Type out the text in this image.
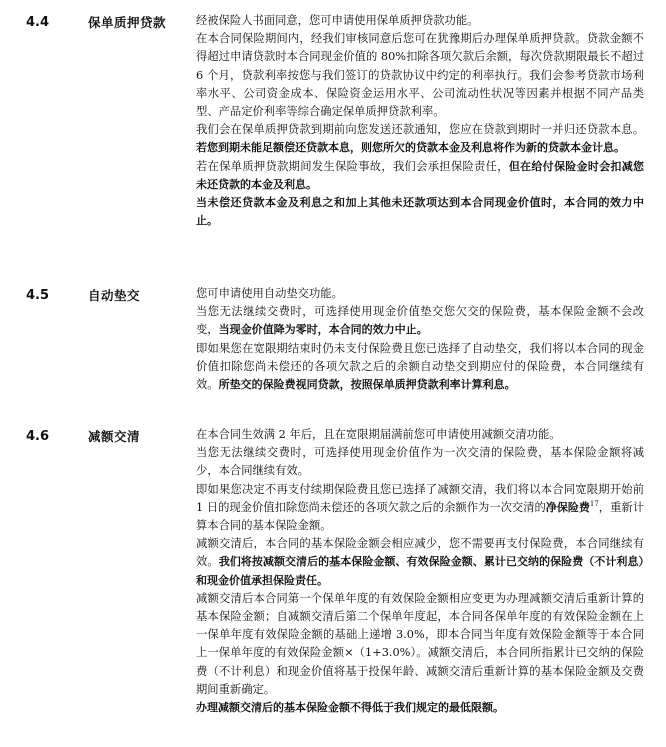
4.4	保单质押贷款	经被保险人书面同意，您可申请使用保单质押贷款功能。

在本合同保险期间内，经我们审核同意后您可在犹豫期后办理保单质押贷款。贷款金额不得超过申请贷款时本合同现金价值的 80%扣除各项欠款后余额，每次贷款期限最长不超过 6 个月，贷款利率按您与我们签订的贷款协议中约定的利率执行。我们会参考贷款市场利率水平、公司资金成本、保险资金运用水平、公司流动性状况等因素并根据不同产品类型、产品定价利率等综合确定保单质押贷款利率。

我们会在保单质押贷款到期前向您发送还款通知，您应在贷款到期时一并归还贷款本息。若您到期未能足额偿还贷款本息，则您所欠的贷款本金及利息将作为新的贷款本金计息。

若在保单质押贷款期间发生保险事故，我们会承担保险责任，但在给付保险金时会扣减您未还贷款的本金及利息。

当未偿还贷款本金及利息之和加上其他未还款项达到本合同现金价值时，本合同的效力中止。

4.5	自动垫交	您可申请使用自动垫交功能。

当您无法继续交费时，可选择使用现金价值垫交您欠交的保险费，基本保险金额不会改变，当现金价值降为零时，本合同的效力中止。

即如果您在宽限期结束时仍未支付保险费且您已选择了自动垫交，我们将以本合同的现金价值扣除您尚未偿还的各项欠款之后的余额自动垫交到期应付的保险费，本合同继续有效。所垫交的保险费视同贷款，按照保单质押贷款利率计算利息。

4.6	减额交清	在本合同生效满 2 年后，且在宽限期届满前您可申请使用减额交清功能。

当您无法继续交费时，可选择使用现金价值作为一次交清的保险费，基本保险金额将减少，本合同继续有效。

即如果您决定不再支付续期保险费且您已选择了减额交清，我们将以本合同宽限期开始前 1 日的现金价值扣除您尚未偿还的各项欠款之后的余额作为一次交清的净保险费$^{17}$，重新计算本合同的基本保险金额。

减额交清后，本合同的基本保险金额会相应减少，您不需要再支付保险费，本合同继续有效。我们将按减额交清后的基本保险金额、有效保险金额、累计已交纳的保险费（不计利息）和现金价值承担保险责任。

减额交清后本合同第一个保单年度的有效保险金额相应变更为办理减额交清后重新计算的基本保险金额；自减额交清后第二个保单年度起，本合同各保单年度的有效保险金额在上一保单年度有效保险金额的基础上递增 3.0%，即本合同当年度有效保险金额等于本合同上一保单年度的有效保险金额×（1+3.0%）。减额交清后，本合同所指累计已交纳的保险费（不计利息）和现金价值将基于投保年龄、减额交清后重新计算的基本保险金额及交费期间重新确定。

办理减额交清后的基本保险金额不得低于我们规定的最低限额。
